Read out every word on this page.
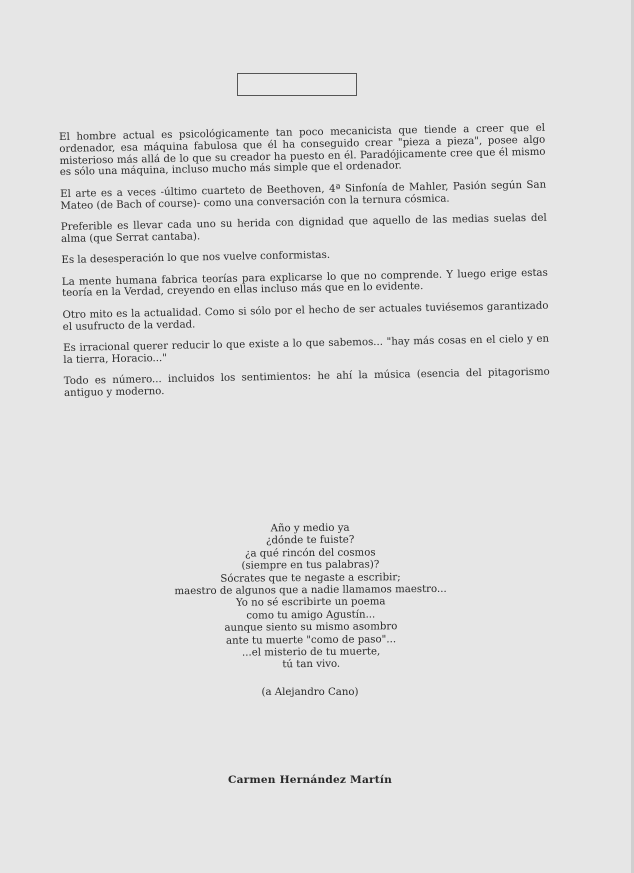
El hombre actual es psicológicamente tan poco mecanicista que tiende a creer que el ordenador, esa máquina fabulosa que él ha conseguido crear "pieza a pieza", posee algo misterioso más allá de lo que su creador ha puesto en él. Paradójicamente cree que él mismo es sólo una máquina, incluso mucho más simple que el ordenador.

El arte es a veces -último cuarteto de Beethoven, 4ª Sinfonía de Mahler, Pasión según San Mateo (de Bach of course)- como una conversación con la ternura cósmica.

Preferible es llevar cada uno su herida con dignidad que aquello de las medias suelas del alma (que Serrat cantaba).

Es la desesperación lo que nos vuelve conformistas.

La mente humana fabrica teorías para explicarse lo que no comprende. Y luego erige estas teoría en la Verdad, creyendo en ellas incluso más que en lo evidente.

Otro mito es la actualidad. Como si sólo por el hecho de ser actuales tuviésemos garantizado el usufructo de la verdad.

Es irracional querer reducir lo que existe a lo que sabemos... "hay más cosas en el cielo y en la tierra, Horacio..."

Todo es número... incluidos los sentimientos: he ahí la música (esencia del pitagorismo antiguo y moderno.

Año y medio ya
¿dónde te fuiste?
¿a qué rincón del cosmos
(siempre en tus palabras)?
Sócrates que te negaste a escribir;
maestro de algunos que a nadie llamamos maestro...
Yo no sé escribirte un poema
como tu amigo Agustín...
aunque siento su mismo asombro
ante tu muerte "como de paso"...
...el misterio de tu muerte,
tú tan vivo.
(a Alejandro Cano)
Carmen Hernández Martín
